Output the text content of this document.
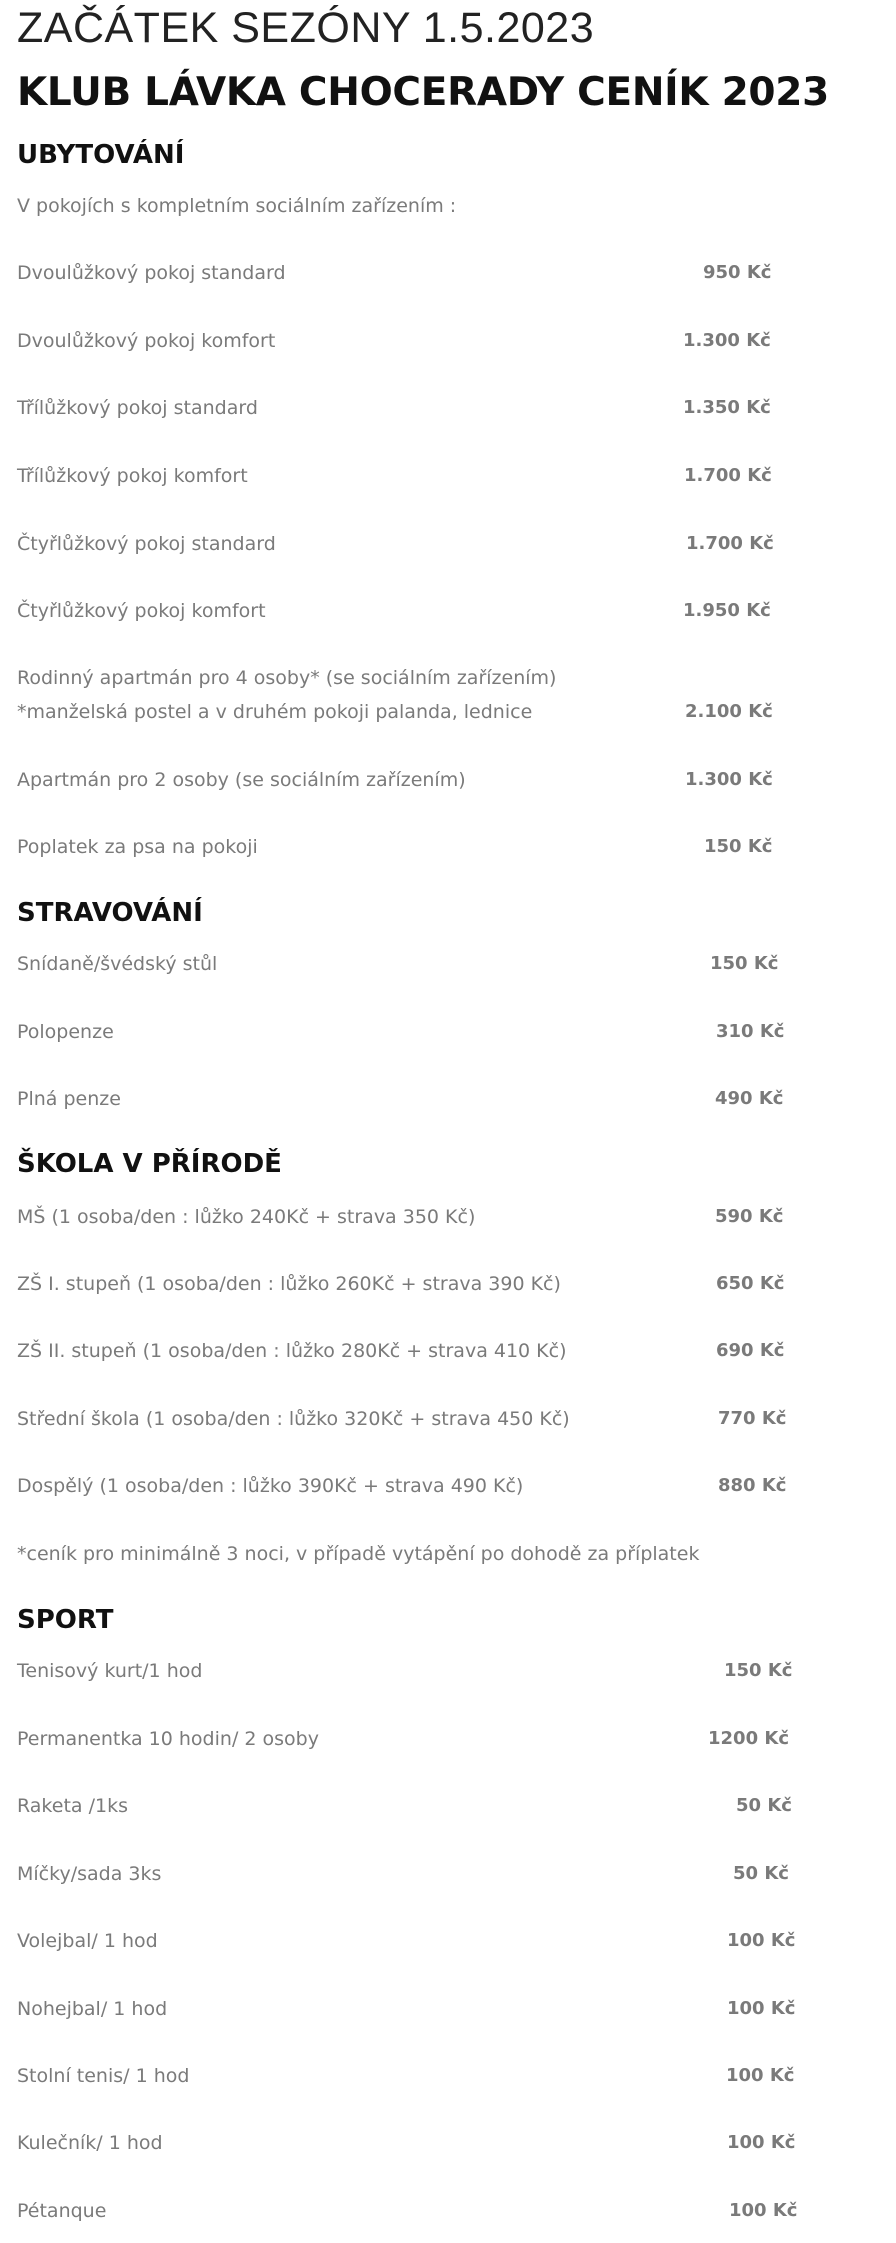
ZAČÁTEK SEZÓNY 1.5.2023
KLUB LÁVKA CHOCERADY CENÍK 2023
UBYTOVÁNÍ
V pokojích s kompletním sociálním zařízením :
Dvoulůžkový pokoj standard	950 Kč
Dvoulůžkový pokoj komfort	1.300 Kč
Třílůžkový pokoj standard	1.350 Kč
Třílůžkový pokoj komfort	1.700 Kč
Čtyřlůžkový pokoj standard	1.700 Kč
Čtyřlůžkový pokoj komfort	1.950 Kč
Rodinný apartmán pro 4 osoby* (se sociálním zařízením)
*manželská postel a v druhém pokoji palanda, lednice	2.100 Kč
Apartmán pro 2 osoby (se sociálním zařízením)	1.300 Kč
Poplatek za psa na pokoji	150 Kč
STRAVOVÁNÍ
Snídaně/švédský stůl	150 Kč
Polopenze	310 Kč
Plná penze	490 Kč
ŠKOLA V PŘÍRODĚ
MŠ (1 osoba/den : lůžko 240Kč + strava 350 Kč)	590 Kč
ZŠ I. stupeň (1 osoba/den : lůžko 260Kč + strava 390 Kč)	650 Kč
ZŠ II. stupeň (1 osoba/den : lůžko 280Kč + strava 410 Kč)	690 Kč
Střední škola (1 osoba/den : lůžko 320Kč + strava 450 Kč)	770 Kč
Dospělý (1 osoba/den : lůžko 390Kč + strava 490 Kč)	880 Kč
*ceník pro minimálně 3 noci, v případě vytápění po dohodě za příplatek
SPORT
Tenisový kurt/1 hod	150 Kč
Permanentka 10 hodin/ 2 osoby	1200 Kč
Raketa /1ks	50 Kč
Míčky/sada 3ks	50 Kč
Volejbal/ 1 hod	100 Kč
Nohejbal/ 1 hod	100 Kč
Stolní tenis/ 1 hod	100 Kč
Kulečník/ 1 hod	100 Kč
Pétanque	100 Kč
